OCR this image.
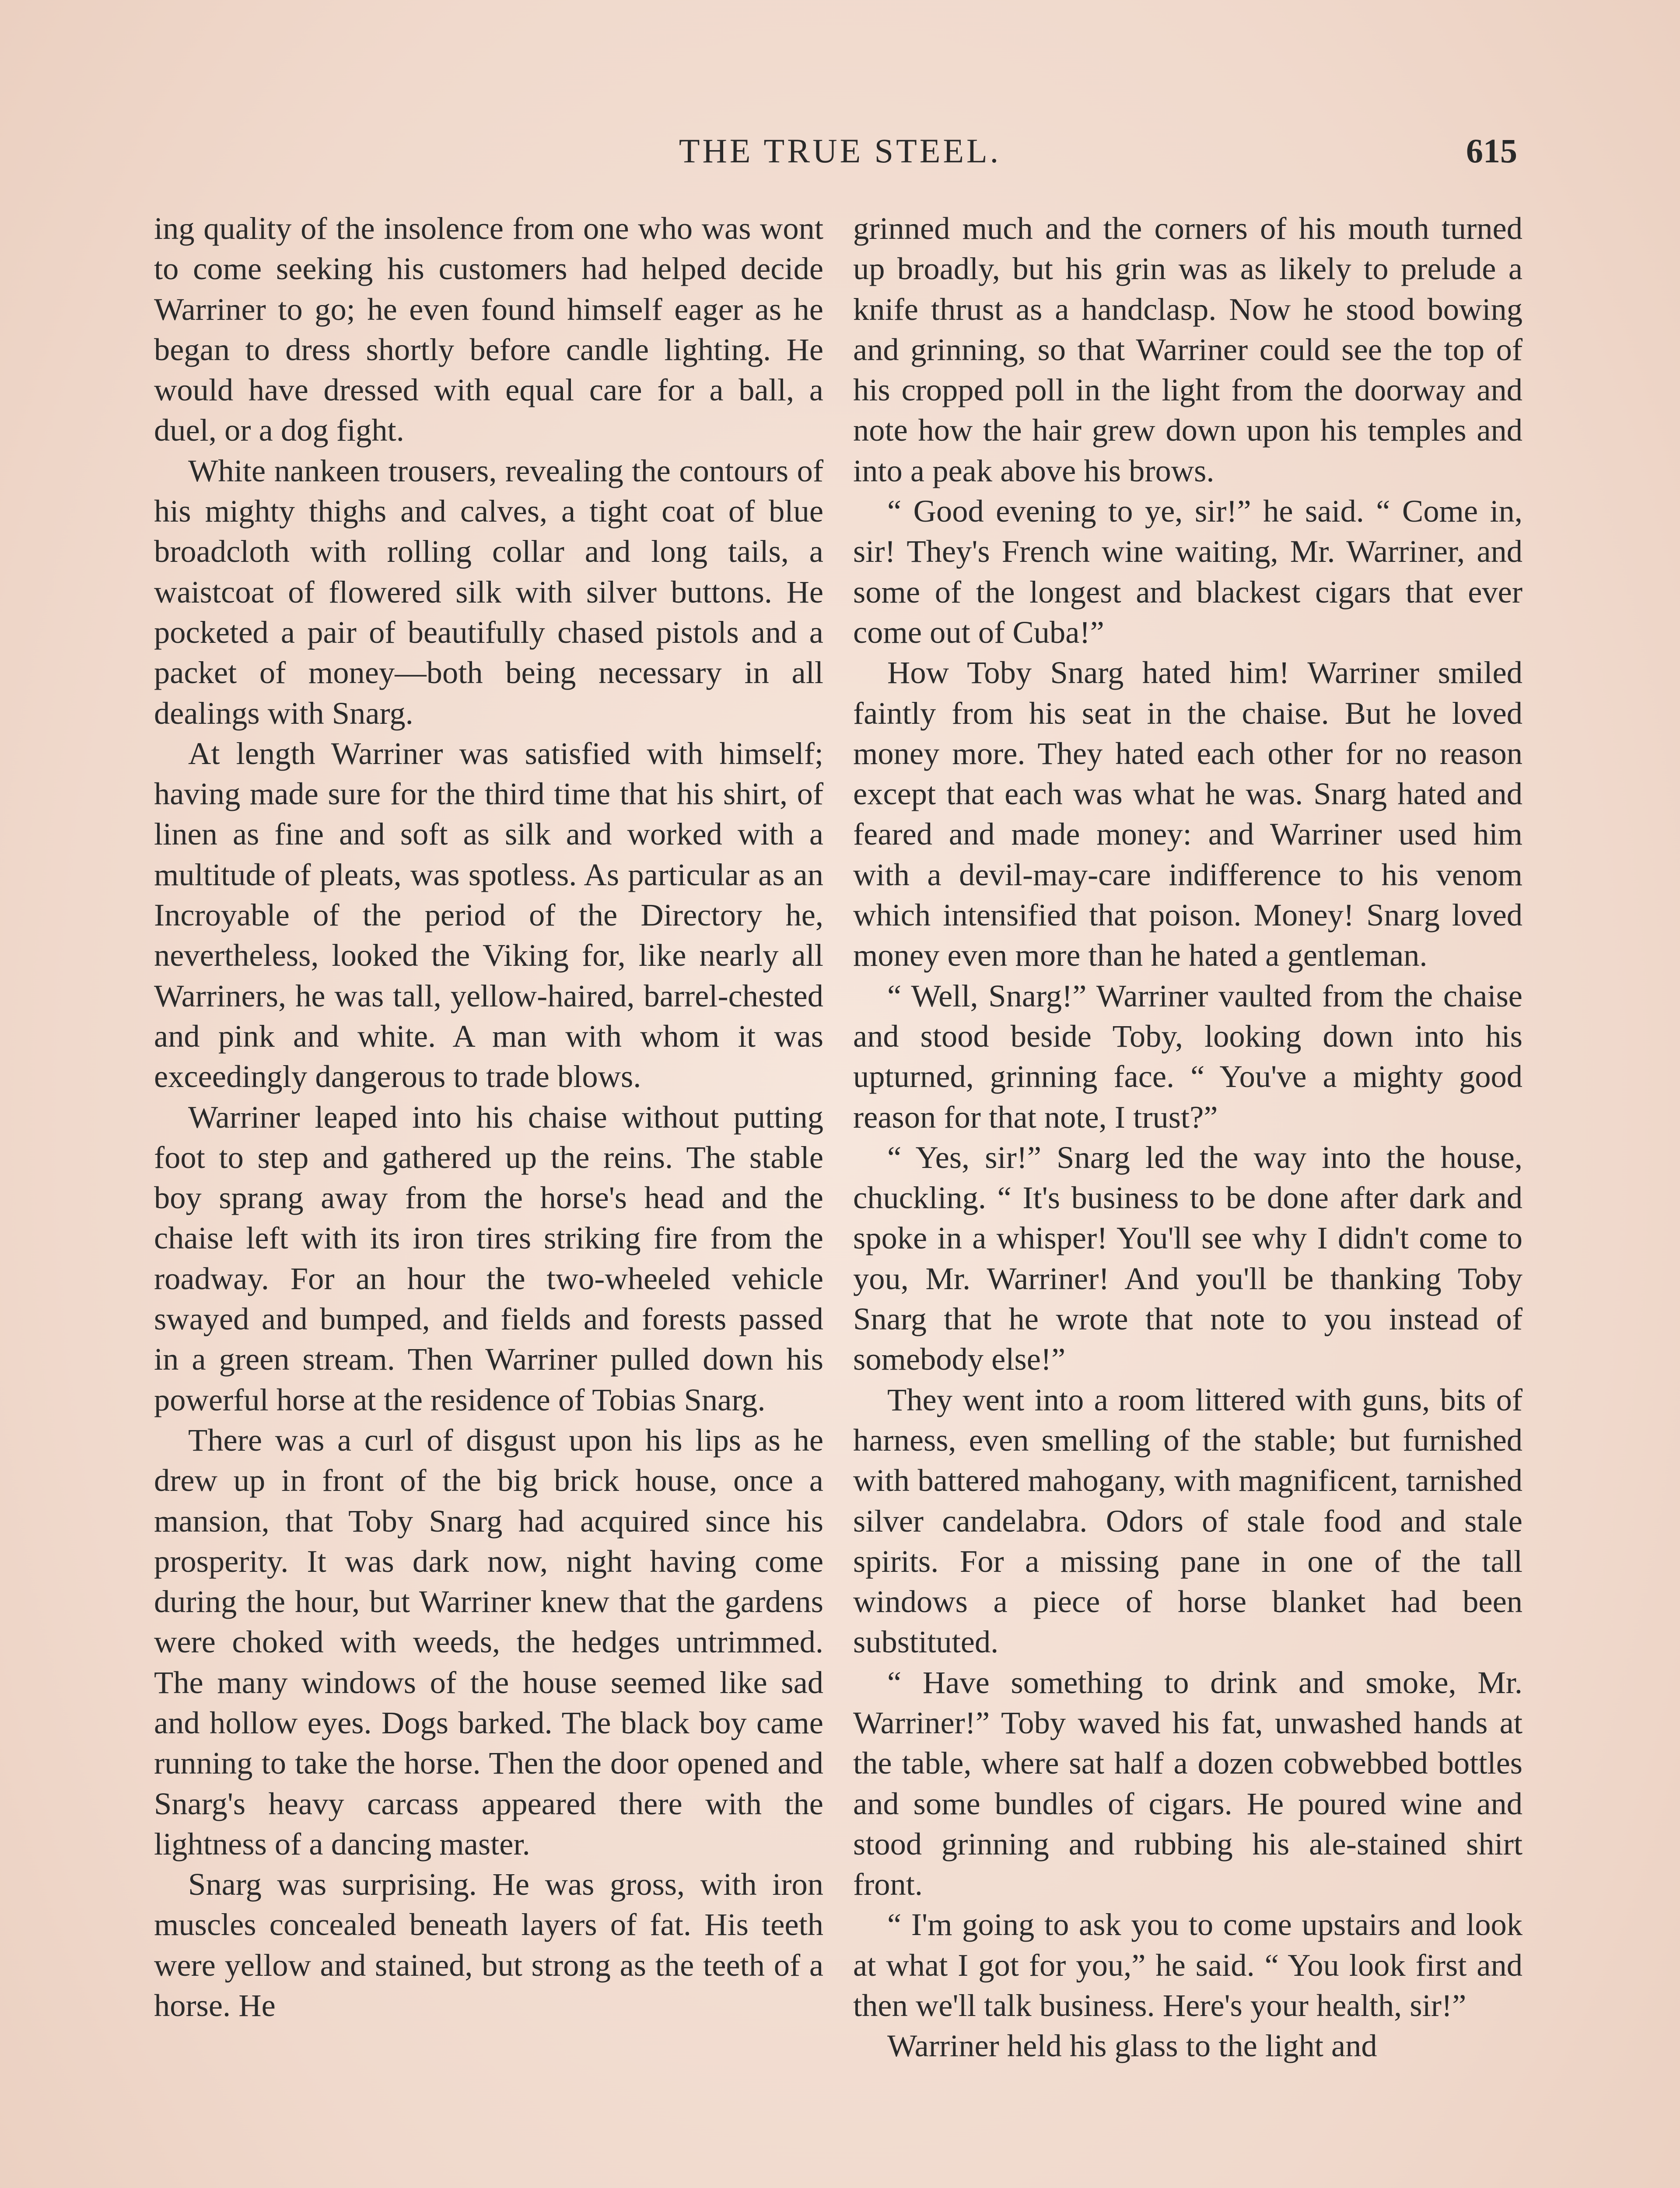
THE TRUE STEEL.	615

ing quality of the insolence from one who was wont to come seeking his customers had helped decide Warriner to go; he even found himself eager as he began to dress shortly before candle lighting. He would have dressed with equal care for a ball, a duel, or a dog fight.

White nankeen trousers, revealing the contours of his mighty thighs and calves, a tight coat of blue broadcloth with rolling collar and long tails, a waistcoat of flowered silk with silver buttons. He pocketed a pair of beautifully chased pistols and a packet of money—both being necessary in all dealings with Snarg.

At length Warriner was satisfied with himself; having made sure for the third time that his shirt, of linen as fine and soft as silk and worked with a multitude of pleats, was spotless. As particular as an Incroyable of the period of the Directory he, nevertheless, looked the Viking for, like nearly all Warriners, he was tall, yellow-haired, barrel-chested and pink and white. A man with whom it was exceedingly dangerous to trade blows.

Warriner leaped into his chaise without putting foot to step and gathered up the reins. The stable boy sprang away from the horse's head and the chaise left with its iron tires striking fire from the roadway. For an hour the two-wheeled vehicle swayed and bumped, and fields and forests passed in a green stream. Then Warriner pulled down his powerful horse at the residence of Tobias Snarg.

There was a curl of disgust upon his lips as he drew up in front of the big brick house, once a mansion, that Toby Snarg had acquired since his prosperity. It was dark now, night having come during the hour, but Warriner knew that the gardens were choked with weeds, the hedges untrimmed. The many windows of the house seemed like sad and hollow eyes. Dogs barked. The black boy came running to take the horse. Then the door opened and Snarg's heavy carcass appeared there with the lightness of a dancing master.

Snarg was surprising. He was gross, with iron muscles concealed beneath layers of fat. His teeth were yellow and stained, but strong as the teeth of a horse. He

grinned much and the corners of his mouth turned up broadly, but his grin was as likely to prelude a knife thrust as a handclasp. Now he stood bowing and grinning, so that Warriner could see the top of his cropped poll in the light from the doorway and note how the hair grew down upon his temples and into a peak above his brows.

“ Good evening to ye, sir!” he said. “ Come in, sir! They's French wine waiting, Mr. Warriner, and some of the longest and blackest cigars that ever come out of Cuba!”

How Toby Snarg hated him! Warriner smiled faintly from his seat in the chaise. But he loved money more. They hated each other for no reason except that each was what he was. Snarg hated and feared and made money: and Warriner used him with a devil-may-care indifference to his venom which intensified that poison. Money! Snarg loved money even more than he hated a gentleman.

“ Well, Snarg!” Warriner vaulted from the chaise and stood beside Toby, looking down into his upturned, grinning face. “ You've a mighty good reason for that note, I trust?”

“ Yes, sir!” Snarg led the way into the house, chuckling. “ It's business to be done after dark and spoke in a whisper! You'll see why I didn't come to you, Mr. Warriner! And you'll be thanking Toby Snarg that he wrote that note to you instead of somebody else!”

They went into a room littered with guns, bits of harness, even smelling of the stable; but furnished with battered mahogany, with magnificent, tarnished silver candelabra. Odors of stale food and stale spirits. For a missing pane in one of the tall windows a piece of horse blanket had been substituted.

“ Have something to drink and smoke, Mr. Warriner!” Toby waved his fat, unwashed hands at the table, where sat half a dozen cobwebbed bottles and some bundles of cigars. He poured wine and stood grinning and rubbing his ale-stained shirt front.

“ I'm going to ask you to come upstairs and look at what I got for you,” he said. “ You look first and then we'll talk business. Here's your health, sir!”

Warriner held his glass to the light and
